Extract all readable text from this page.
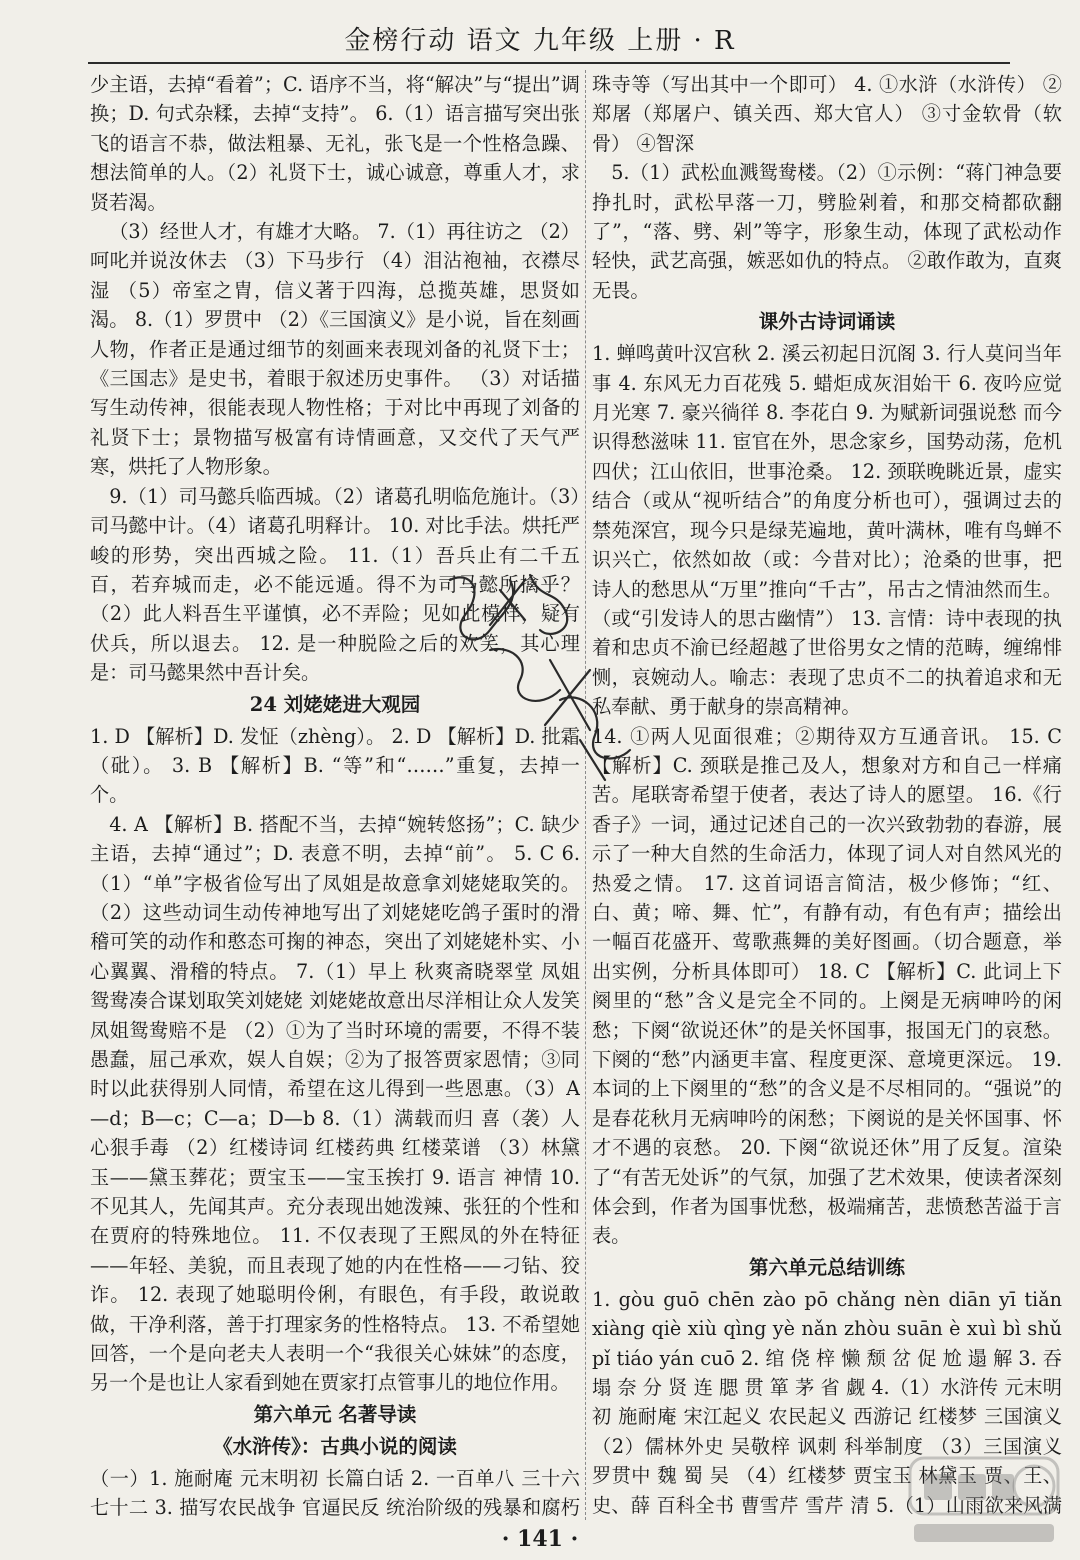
金榜行动 语文 九年级 上册 · R

少主语，去掉“看着”；C. 语序不当，将“解决”与“提出”调换；D. 句式杂糅，去掉“支持”。 6.（1）语言描写突出张飞的语言不恭，做法粗暴、无礼，张飞是一个性格急躁、想法简单的人。（2）礼贤下士，诚心诚意，尊重人才，求贤若渴。

（3）经世人才，有雄才大略。 7.（1）再往访之 （2）呵叱并说汝休去 （3）下马步行 （4）泪沾袍袖，衣襟尽湿 （5）帝室之胄，信义著于四海，总揽英雄，思贤如渴。 8.（1）罗贯中 （2）《三国演义》是小说，旨在刻画人物，作者正是通过细节的刻画来表现刘备的礼贤下士；《三国志》是史书，着眼于叙述历史事件。 （3）对话描写生动传神，很能表现人物性格；于对比中再现了刘备的礼贤下士；景物描写极富有诗情画意，又交代了天气严寒，烘托了人物形象。

9.（1）司马懿兵临西城。（2）诸葛孔明临危施计。（3）司马懿中计。（4）诸葛孔明释计。 10. 对比手法。烘托严峻的形势，突出西城之险。 11.（1）吾兵止有二千五百，若弃城而走，必不能远遁。得不为司马懿所擒乎？（2）此人料吾生平谨慎，必不弄险；见如此模样，疑有伏兵，所以退去。 12. 是一种脱险之后的欢笑，其心理是：司马懿果然中吾计矣。

24 刘姥姥进大观园

1. D 【解析】D. 发怔（zhèng）。 2. D 【解析】D. 批霜（砒）。 3. B 【解析】B. “等”和“……”重复，去掉一个。

4. A 【解析】B. 搭配不当，去掉“婉转悠扬”；C. 缺少主语，去掉“通过”；D. 表意不明，去掉“前”。 5. C 6.（1）“单”字极省俭写出了凤姐是故意拿刘姥姥取笑的。（2）这些动词生动传神地写出了刘姥姥吃鸽子蛋时的滑稽可笑的动作和憨态可掬的神态，突出了刘姥姥朴实、小心翼翼、滑稽的特点。 7.（1）早上 秋爽斋晓翠堂 凤姐鸳鸯凑合谋划取笑刘姥姥 刘姥姥故意出尽洋相让众人发笑 凤姐鸳鸯赔不是 （2）①为了当时环境的需要，不得不装愚蠢，屈己承欢，娱人自娱；②为了报答贾家恩情；③同时以此获得别人同情，希望在这儿得到一些恩惠。（3）A—d；B—c；C—a；D—b 8.（1）满载而归 喜（袭）人 心狠手毒 （2）红楼诗词 红楼药典 红楼菜谱 （3）林黛玉——黛玉葬花；贾宝玉——宝玉挨打 9. 语言 神情 10. 不见其人，先闻其声。充分表现出她泼辣、张狂的个性和在贾府的特殊地位。 11. 不仅表现了王熙凤的外在特征——年轻、美貌，而且表现了她的内在性格——刁钻、狡诈。 12. 表现了她聪明伶俐，有眼色，有手段，敢说敢做，干净利落，善于打理家务的性格特点。 13. 不希望她回答，一个是向老夫人表明一个“我很关心妹妹”的态度，另一个是也让人家看到她在贾家打点管事儿的地位作用。

第六单元 名著导读
《水浒传》：古典小说的阅读

（一）1. 施耐庵 元末明初 长篇白话 2. 一百单八 三十六 七十二 3. 描写农民战争 官逼民反 统治阶级的残暴和腐朽

珠寺等（写出其中一个即可） 4. ①水浒（水浒传） ②郑屠（郑屠户、镇关西、郑大官人） ③寸金软骨（软骨） ④智深

5.（1）武松血溅鸳鸯楼。（2）①示例：“蒋门神急要挣扎时，武松早落一刀，劈脸剁着，和那交椅都砍翻了”，“落、劈、剁”等字，形象生动，体现了武松动作轻快，武艺高强，嫉恶如仇的特点。 ②敢作敢为，直爽无畏。

课外古诗词诵读

1. 蝉鸣黄叶汉宫秋 2. 溪云初起日沉阁 3. 行人莫问当年事 4. 东风无力百花残 5. 蜡炬成灰泪始干 6. 夜吟应觉月光寒 7. 豪兴徜徉 8. 李花白 9. 为赋新词强说愁 而今识得愁滋味 11. 宦官在外，思念家乡，国势动荡，危机四伏；江山依旧，世事沧桑。 12. 颈联晚眺近景，虚实结合（或从“视听结合”的角度分析也可），强调过去的禁苑深宫，现今只是绿芜遍地，黄叶满林，唯有鸟蝉不识兴亡，依然如故（或：今昔对比）；沧桑的世事，把诗人的愁思从“万里”推向“千古”，吊古之情油然而生。（或“引发诗人的思古幽情”） 13. 言情：诗中表现的执着和忠贞不渝已经超越了世俗男女之情的范畴，缠绵悱恻，哀婉动人。喻志：表现了忠贞不二的执着追求和无私奉献、勇于献身的崇高精神。

14. ①两人见面很难；②期待双方互通音讯。 15. C 【解析】C. 颈联是推己及人，想象对方和自己一样痛苦。尾联寄希望于使者，表达了诗人的愿望。 16.《行香子》一词，通过记述自己的一次兴致勃勃的春游，展示了一种大自然的生命活力，体现了词人对自然风光的热爱之情。 17. 这首词语言简洁，极少修饰；“红、白、黄；啼、舞、忙”，有静有动，有色有声；描绘出一幅百花盛开、莺歌燕舞的美好图画。（切合题意，举出实例，分析具体即可） 18. C 【解析】C. 此词上下阕里的“愁”含义是完全不同的。上阕是无病呻吟的闲愁；下阕“欲说还休”的是关怀国事，报国无门的哀愁。下阕的“愁”内涵更丰富、程度更深、意境更深远。 19. 本词的上下阕里的“愁”的含义是不尽相同的。“强说”的是春花秋月无病呻吟的闲愁；下阕说的是关怀国事、怀才不遇的哀愁。 20. 下阕“欲说还休”用了反复。渲染了“有苦无处诉”的气氛，加强了艺术效果，使读者深刻体会到，作者为国事忧愁，极端痛苦，悲愤愁苦溢于言表。

第六单元总结训练

1. gòu guō chēn zào pō chǎng nèn diān yī tiǎn xiàng qiè xiù qìng yè nǎn zhòu suān è xuì bì shǔ pǐ tiáo yán cuō 2. 绾 侥 梓 懒 颓 岔 促 尬 遢 解 3. 吞 塌 奈 分 贤 连 腮 贯 箪 茅 省 觑 4.（1）水浒传 元末明初 施耐庵 宋江起义 农民起义 西游记 红楼梦 三国演义 （2）儒林外史 吴敬梓 讽刺 科举制度 （3）三国演义 罗贯中 魏 蜀 吴 （4）红楼梦 贾宝玉 贾、王、史、薛 百科全书 曹雪芹 雪芹 清 5.（1）山雨欲来风满

· 141 ·
